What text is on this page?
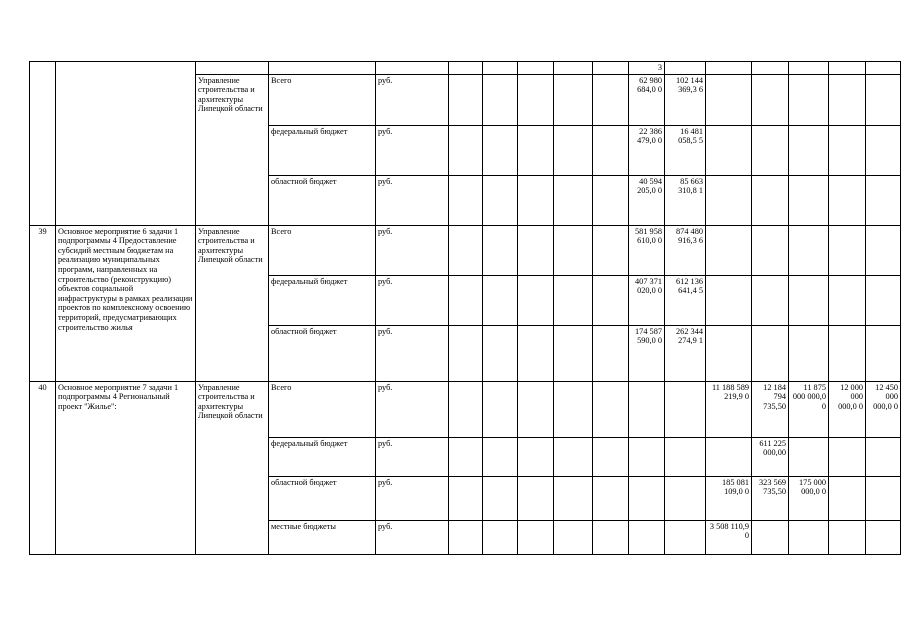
										3						
		Управление строительства и архитектуры Липецкой области	Всего	руб.						62 980 684,0 0	102 144 369,3 6					
			федеральный бюджет	руб.						22 386 479,0 0	16 481 058,5 5					
			областной бюджет	руб.						40 594 205,0 0	85 663 310,8 1					
39	Основное мероприятие 6 задачи 1 подпрограммы 4 Предоставление субсидий местным бюджетам на реализацию муниципальных программ, направленных на строительство (реконструкцию) объектов социальной инфраструктуры в рамках реализации проектов по комплексному освоению территорий, предусматривающих строительство жилья	Управление строительства и архитектуры Липецкой области	Всего	руб.						581 958 610,0 0	874 480 916,3 6					
			федеральный бюджет	руб.						407 371 020,0 0	612 136 641,4 5					
			областной бюджет	руб.						174 587 590,0 0	262 344 274,9 1					
40	Основное мероприятие 7 задачи 1 подпрограммы 4 Региональный проект "Жилье":	Управление строительства и архитектуры Липецкой области	Всего	руб.								11 188 589 219,9 0	12 184 794 735,50	11 875 000 000,0 0	12 000 000 000,0 0	12 450 000 000,0 0
			федеральный бюджет	руб.									611 225 000,00			
			областной бюджет	руб.								185 081 109,0 0	323 569 735,50	175 000 000,0 0		
			местные бюджеты	руб.								3 508 110,9 0				
